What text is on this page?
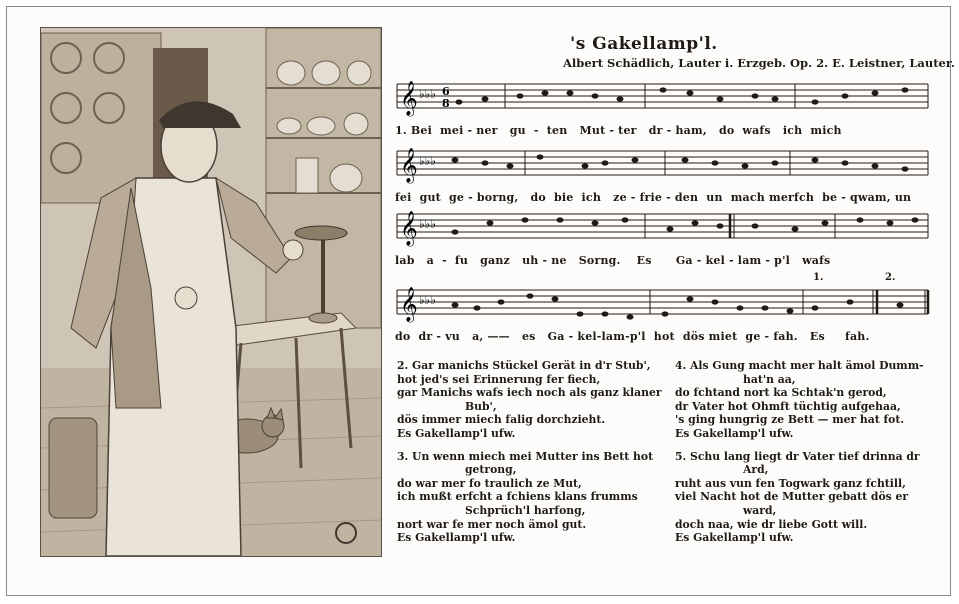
's Gakellamp'l.
Albert Schädlich, Lauter i. Erzgeb. Op. 2. E. Leistner, Lauter.
𝄞 ♭♭♭ 6
8
1. Bei  mei - ner   gu  -  ten   Mut - ter   dr - ham,   do  wafs   ich  mich
𝄞 ♭♭♭
fei  gut  ge - borng,   do  bie  ich   ze - frie - den  un  mach merfch  be - qwam, un
𝄞 ♭♭♭
lab   a  -  fu   ganz   uh - ne   Sorng.    Es      Ga - kel - lam - p'l   wafs
𝄞 ♭♭♭
1.	2.
do  dr - vu   a, ——   es   Ga - kel-lam-p'l  hot  dös miet  ge - fah.   Es     fah.

2. Gar manichs Stückel Gerät in d'r Stub',

hot jed's sei Erinnerung fer fiech,

gar Manichs wafs iech noch als ganz klaner

Bub',

dös immer miech falig dorchzieht.

Es Gakellamp'l ufw.

3. Un wenn miech mei Mutter ins Bett hot

getrong,

do war mer fo traulich ze Mut,

ich mußt erfcht a fchiens klans frumms

Schprüch'l harfong,

nort war fe mer noch ämol gut.

Es Gakellamp'l ufw.

4. Als Gung macht mer halt ämol Dumm-

hat'n aa,

do fchtand nort ka Schtak'n gerod,

dr Vater hot Ohmft tüchtig aufgehaa,

's ging hungrig ze Bett — mer hat fot.

Es Gakellamp'l ufw.

5. Schu lang liegt dr Vater tief drinna dr

Ard,

ruht aus vun fen Togwark ganz fchtill,

viel Nacht hot de Mutter gebatt dös er

ward,

doch naa, wie dr liebe Gott will.

Es Gakellamp'l ufw.
